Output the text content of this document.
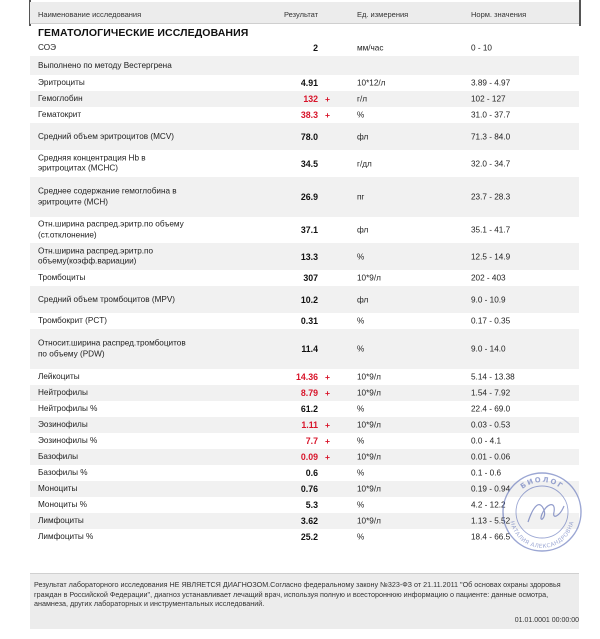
Наименование исследования	Результат	Ед. измерения	Норм. значения
ГЕМАТОЛОГИЧЕСКИЕ ИССЛЕДОВАНИЯ
СОЭ	2	мм/час	0 - 10
Выполнено по методу Вестергрена
Эритроциты	4.91	10*12/л	3.89 - 4.97
Гемоглобин	132 +	г/л	102 - 127
Гематокрит	38.3 +	%	31.0 - 37.7
Средний объем эритроцитов (MCV)	78.0	фл	71.3 - 84.0
Средняя концентрация Hb в эритроцитах (MCHC)	34.5	г/дл	32.0 - 34.7
Среднее содержание гемоглобина в эритроците (MCH)	26.9	пг	23.7 - 28.3
Отн.ширина распред.эритр.по объему (ст.отклонение)	37.1	фл	35.1 - 41.7
Отн.ширина распред.эритр.по объему(коэфф.вариации)	13.3	%	12.5 - 14.9
Тромбоциты	307	10*9/л	202 - 403
Средний объем тромбоцитов (MPV)	10.2	фл	9.0 - 10.9
Тромбокрит (PCT)	0.31	%	0.17 - 0.35
Относит.ширина распред.тромбоцитов по объему (PDW)	11.4	%	9.0 - 14.0
Лейкоциты	14.36 +	10*9/л	5.14 - 13.38
Нейтрофилы	8.79 +	10*9/л	1.54 - 7.92
Нейтрофилы %	61.2	%	22.4 - 69.0
Эозинофилы	1.11 +	10*9/л	0.03 - 0.53
Эозинофилы %	7.7 +	%	0.0 - 4.1
Базофилы	0.09 +	10*9/л	0.01 - 0.06
Базофилы %	0.6	%	0.1 - 0.6
Моноциты	0.76	10*9/л	0.19 - 0.94
Моноциты %	5.3	%	4.2 - 12.2
Лимфоциты	3.62	10*9/л	1.13 - 5.52
Лимфоциты %	25.2	%	18.4 - 66.5
БИОЛОГ
НАТАЛИЯ АЛЕКСАНДРОВНА
Результат лабораторного исследования НЕ ЯВЛЯЕТСЯ ДИАГНОЗОМ.Согласно федеральному закону №323-ФЗ от 21.11.2011 "Об основах охраны здоровья граждан в Российской Федерации", диагноз устанавливает лечащий врач, используя полную и всестороннюю информацию о пациенте: данные осмотра, анамнеза, других лабораторных и инструментальных исследований.
01.01.0001 00:00:00
